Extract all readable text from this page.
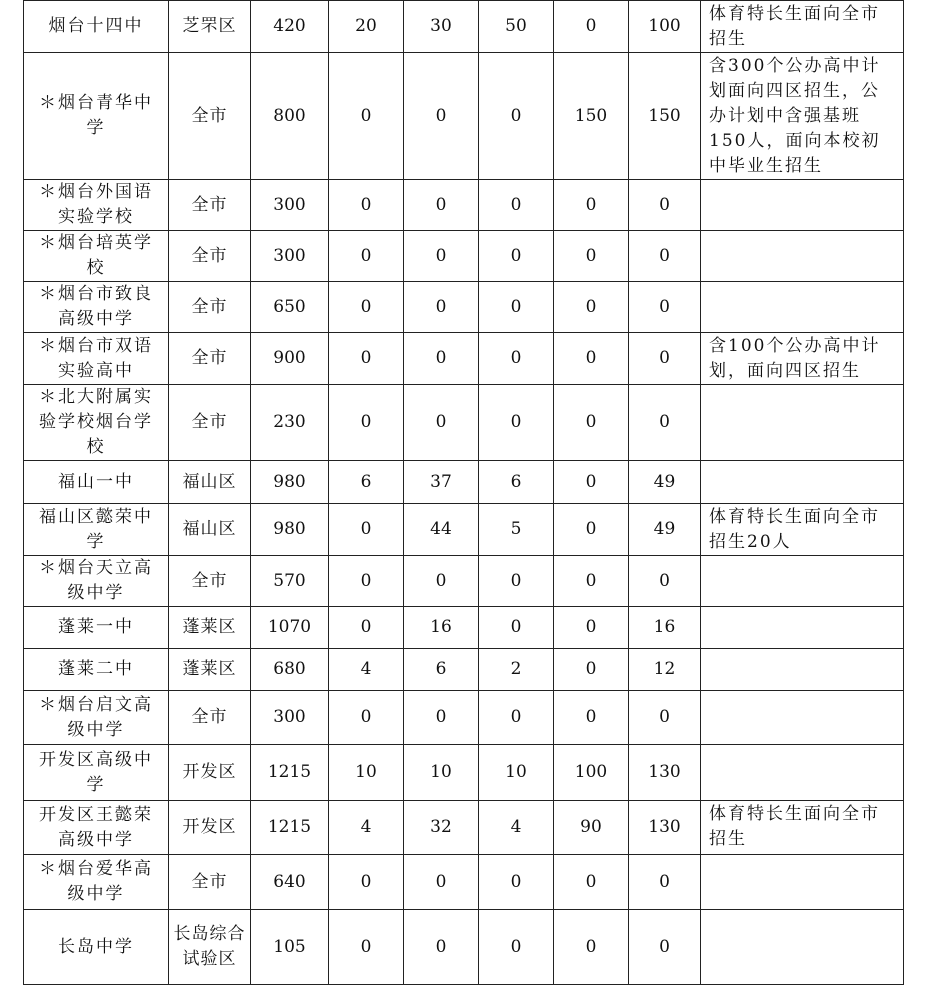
烟台十四中	芝罘区	420	20	30	50	0	100	体育特长生面向全市招生
＊烟台青华中学	全市	800	0	0	0	150	150	含300个公办高中计划面向四区招生，公办计划中含强基班150人，面向本校初中毕业生招生
＊烟台外国语实验学校	全市	300	0	0	0	0	0	
＊烟台培英学校	全市	300	0	0	0	0	0	
＊烟台市致良高级中学	全市	650	0	0	0	0	0	
＊烟台市双语实验高中	全市	900	0	0	0	0	0	含100个公办高中计划，面向四区招生
＊北大附属实验学校烟台学校	全市	230	0	0	0	0	0	
福山一中	福山区	980	6	37	6	0	49	
福山区懿荣中学	福山区	980	0	44	5	0	49	体育特长生面向全市招生20人
＊烟台天立高级中学	全市	570	0	0	0	0	0	
蓬莱一中	蓬莱区	1070	0	16	0	0	16	
蓬莱二中	蓬莱区	680	4	6	2	0	12	
＊烟台启文高级中学	全市	300	0	0	0	0	0	
开发区高级中学	开发区	1215	10	10	10	100	130	
开发区王懿荣高级中学	开发区	1215	4	32	4	90	130	体育特长生面向全市招生
＊烟台爱华高级中学	全市	640	0	0	0	0	0	
长岛中学	长岛综合试验区	105	0	0	0	0	0	
